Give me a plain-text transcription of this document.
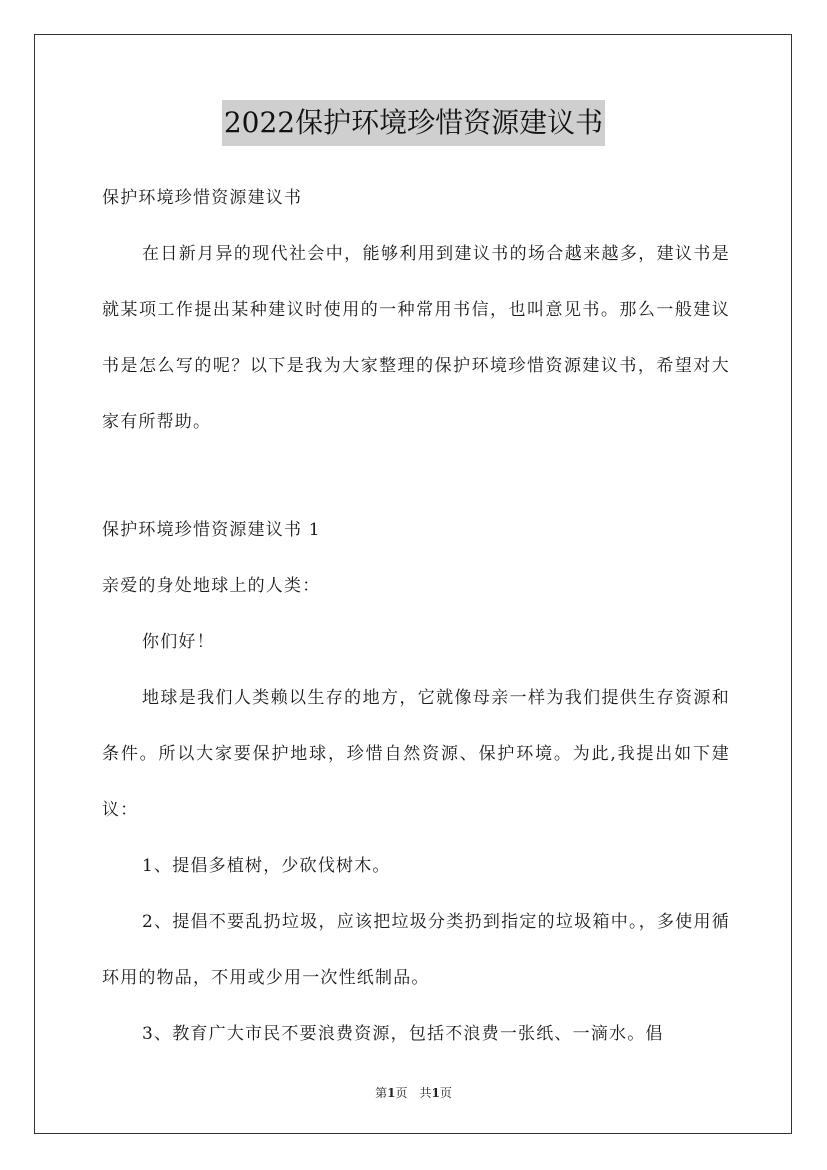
2022保护环境珍惜资源建议书

保护环境珍惜资源建议书

在日新月异的现代社会中，能够利用到建议书的场合越来越多，建议书是就某项工作提出某种建议时使用的一种常用书信，也叫意见书。那么一般建议书是怎么写的呢？以下是我为大家整理的保护环境珍惜资源建议书，希望对大家有所帮助。

保护环境珍惜资源建议书 1

亲爱的身处地球上的人类：

你们好！

地球是我们人类赖以生存的地方，它就像母亲一样为我们提供生存资源和条件。所以大家要保护地球，珍惜自然资源、保护环境。为此,我提出如下建议：

1、提倡多植树，少砍伐树木。

2、提倡不要乱扔垃圾，应该把垃圾分类扔到指定的垃圾箱中。，多使用循环用的物品，不用或少用一次性纸制品。

3、教育广大市民不要浪费资源，包括不浪费一张纸、一滴水。倡

第1页　共1页
